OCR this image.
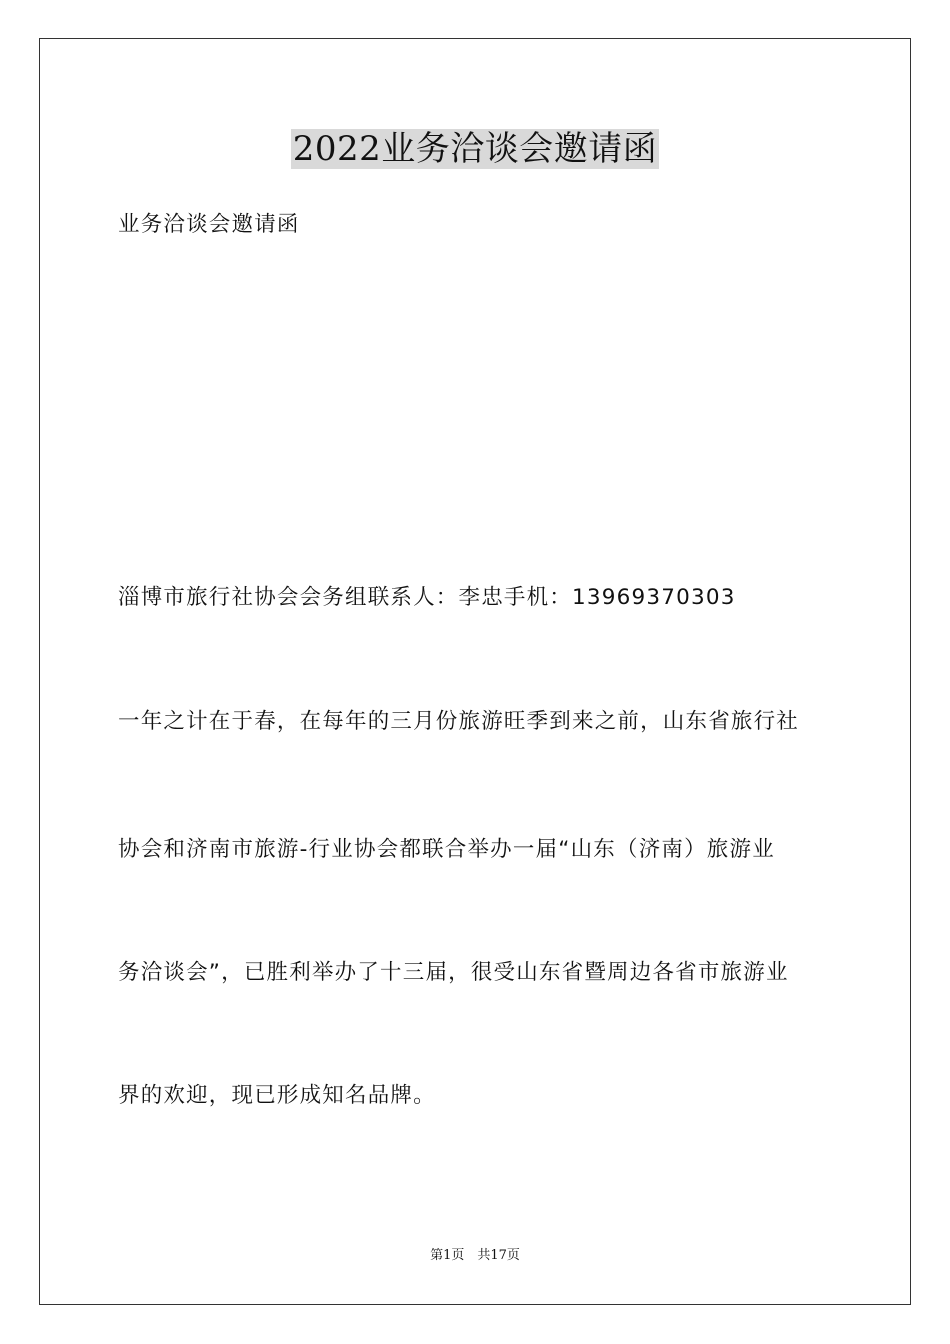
2022业务洽谈会邀请函
业务洽谈会邀请函
淄博市旅行社协会会务组联系人：李忠手机：13969370303
一年之计在于春，在每年的三月份旅游旺季到来之前，山东省旅行社
协会和济南市旅游-行业协会都联合举办一届“山东（济南）旅游业
务洽谈会”，已胜利举办了十三届，很受山东省暨周边各省市旅游业
界的欢迎，现已形成知名品牌。
第1页　共17页
